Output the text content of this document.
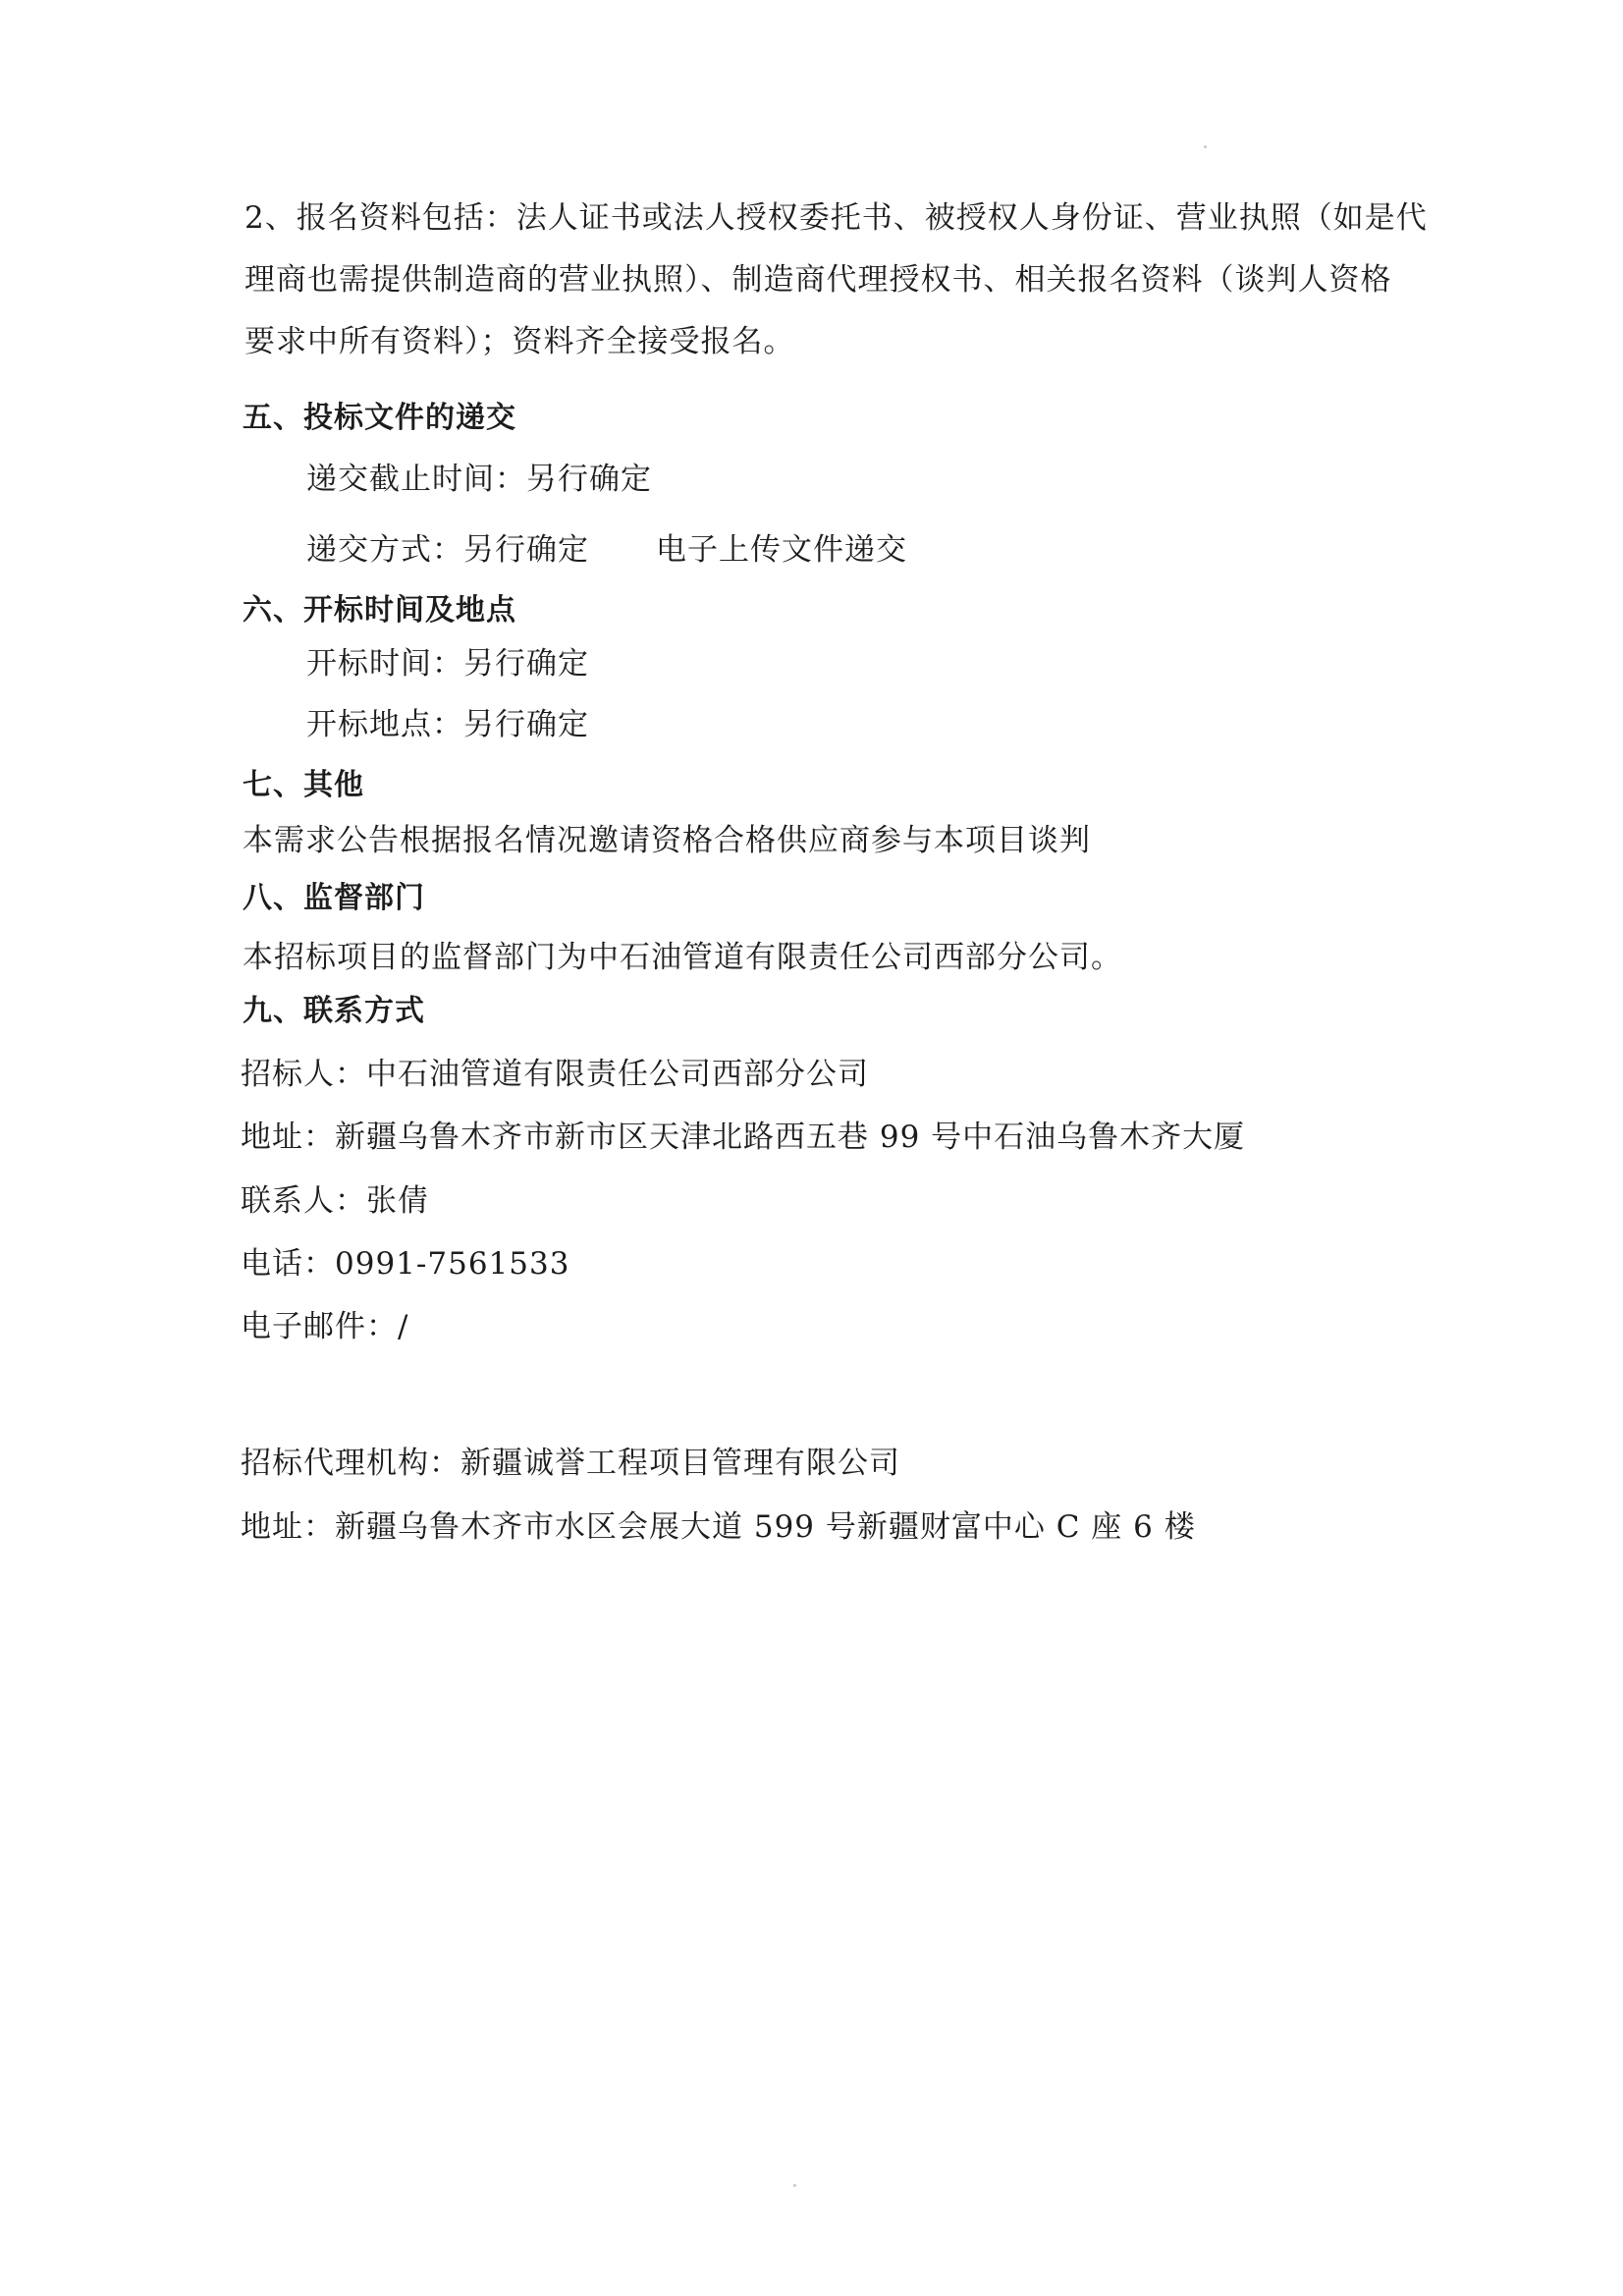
2、报名资料包括：法人证书或法人授权委托书、被授权人身份证、营业执照（如是代
理商也需提供制造商的营业执照）、制造商代理授权书、相关报名资料（谈判人资格
要求中所有资料）；资料齐全接受报名。
五、投标文件的递交
递交截止时间：另行确定
递交方式：另行确定 电子上传文件递交
六、开标时间及地点
开标时间：另行确定
开标地点：另行确定
七、其他
本需求公告根据报名情况邀请资格合格供应商参与本项目谈判
八、监督部门
本招标项目的监督部门为中石油管道有限责任公司西部分公司。
九、联系方式
招标人：中石油管道有限责任公司西部分公司
地址：新疆乌鲁木齐市新市区天津北路西五巷 99 号中石油乌鲁木齐大厦
联系人：张倩
电话：0991-7561533
电子邮件：/
招标代理机构：新疆诚誉工程项目管理有限公司
地址：新疆乌鲁木齐市水区会展大道 599 号新疆财富中心 C 座 6 楼
